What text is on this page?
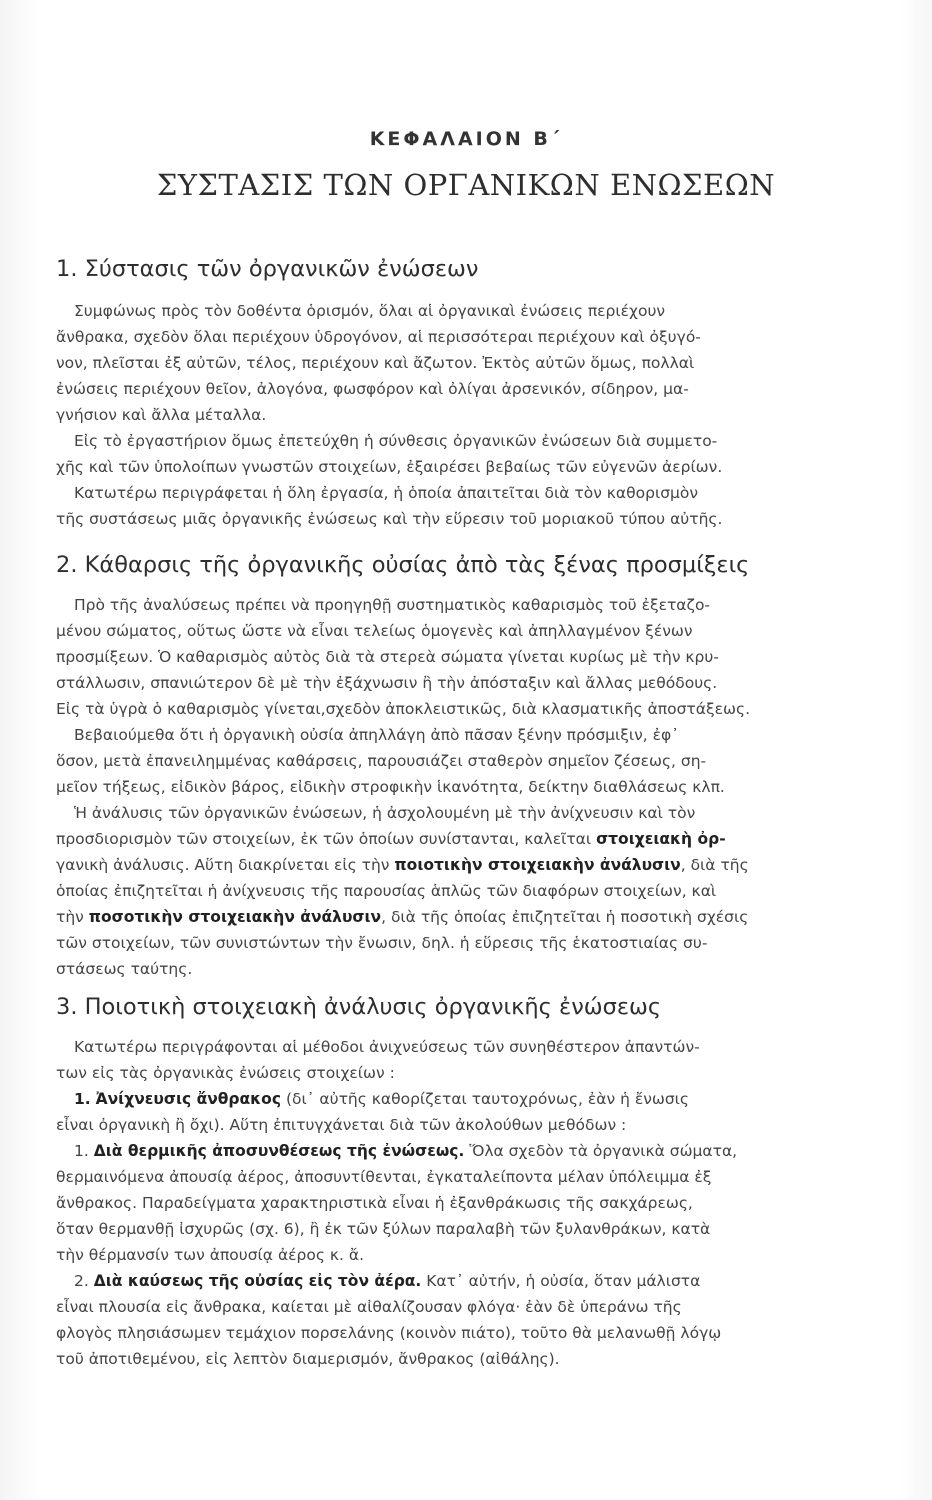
ΚΕΦΑΛΑΙΟΝ Β΄
ΣΥΣΤΑΣΙΣ ΤΩΝ ΟΡΓΑΝΙΚΩΝ ΕΝΩΣΕΩΝ
1. Σύστασις τῶν ὀργανικῶν ἐνώσεων
Συμφώνως πρὸς τὸν δοθέντα ὁρισμόν, ὅλαι αἱ ὀργανικαὶ ἐνώσεις περιέχουν
ἄνθρακα, σχεδὸν ὅλαι περιέχουν ὑδρογόνον, αἱ περισσότεραι περιέχουν καὶ ὀξυγό-
νον, πλεῖσται ἐξ αὐτῶν, τέλος, περιέχουν καὶ ἄζωτον. Ἐκτὸς αὐτῶν ὅμως, πολλαὶ
ἐνώσεις περιέχουν θεῖον, ἀλογόνα, φωσφόρον καὶ ὀλίγαι ἀρσενικόν, σίδηρον, μα-
γνήσιον καὶ ἄλλα μέταλλα.
Εἰς τὸ ἐργαστήριον ὅμως ἐπετεύχθη ἡ σύνθεσις ὀργανικῶν ἐνώσεων διὰ συμμετο-
χῆς καὶ τῶν ὑπολοίπων γνωστῶν στοιχείων, ἐξαιρέσει βεβαίως τῶν εὐγενῶν ἀερίων.
Κατωτέρω περιγράφεται ἡ ὅλη ἐργασία, ἡ ὁποία ἀπαιτεῖται διὰ τὸν καθορισμὸν
τῆς συστάσεως μιᾶς ὀργανικῆς ἐνώσεως καὶ τὴν εὕρεσιν τοῦ μοριακοῦ τύπου αὐτῆς.
2. Κάθαρσις τῆς ὀργανικῆς οὐσίας ἀπὸ τὰς ξένας προσμίξεις
Πρὸ τῆς ἀναλύσεως πρέπει νὰ προηγηθῇ συστηματικὸς καθαρισμὸς τοῦ ἐξεταζο-
μένου σώματος, οὕτως ὥστε νὰ εἶναι τελείως ὁμογενὲς καὶ ἀπηλλαγμένον ξένων
προσμίξεων. Ὁ καθαρισμὸς αὐτὸς διὰ τὰ στερεὰ σώματα γίνεται κυρίως μὲ τὴν κρυ-
στάλλωσιν, σπανιώτερον δὲ μὲ τὴν ἐξάχνωσιν ἢ τὴν ἀπόσταξιν καὶ ἄλλας μεθόδους.
Εἰς τὰ ὑγρὰ ὁ καθαρισμὸς γίνεται,σχεδὸν ἀποκλειστικῶς, διὰ κλασματικῆς ἀποστάξεως.
Βεβαιούμεθα ὅτι ἡ ὀργανικὴ οὐσία ἀπηλλάγη ἀπὸ πᾶσαν ξένην πρόσμιξιν, ἐφ᾿
ὅσον, μετὰ ἐπανειλημμένας καθάρσεις, παρουσιάζει σταθερὸν σημεῖον ζέσεως, ση-
μεῖον τήξεως, εἰδικὸν βάρος, εἰδικὴν στροφικὴν ἱκανότητα, δείκτην διαθλάσεως κλπ.
Ἡ ἀνάλυσις τῶν ὀργανικῶν ἐνώσεων, ἡ ἀσχολουμένη μὲ τὴν ἀνίχνευσιν καὶ τὸν
προσδιορισμὸν τῶν στοιχείων, ἐκ τῶν ὁποίων συνίστανται, καλεῖται στοιχειακὴ ὀρ-
γανικὴ ἀνάλυσις. Αὕτη διακρίνεται εἰς τὴν ποιοτικὴν στοιχειακὴν ἀνάλυσιν, διὰ τῆς
ὁποίας ἐπιζητεῖται ἡ ἀνίχνευσις τῆς παρουσίας ἁπλῶς τῶν διαφόρων στοιχείων, καὶ
τὴν ποσοτικὴν στοιχειακὴν ἀνάλυσιν, διὰ τῆς ὁποίας ἐπιζητεῖται ἡ ποσοτικὴ σχέσις
τῶν στοιχείων, τῶν συνιστώντων τὴν ἔνωσιν, δηλ. ἡ εὕρεσις τῆς ἑκατοστιαίας συ-
στάσεως ταύτης.
3. Ποιοτικὴ στοιχειακὴ ἀνάλυσις ὀργανικῆς ἐνώσεως
Κατωτέρω περιγράφονται αἱ μέθοδοι ἀνιχνεύσεως τῶν συνηθέστερον ἀπαντών-
των εἰς τὰς ὀργανικὰς ἐνώσεις στοιχείων :
1. Ἀνίχνευσις ἄνθρακος (δι᾿ αὐτῆς καθορίζεται ταυτοχρόνως, ἐὰν ἡ ἔνωσις
εἶναι ὀργανικὴ ἢ ὄχι). Αὕτη ἐπιτυγχάνεται διὰ τῶν ἀκολούθων μεθόδων :
1. Διὰ θερμικῆς ἀποσυνθέσεως τῆς ἐνώσεως. Ὅλα σχεδὸν τὰ ὀργανικὰ σώματα,
θερμαινόμενα ἀπουσίᾳ ἀέρος, ἀποσυντίθενται, ἐγκαταλείποντα μέλαν ὑπόλειμμα ἐξ
ἄνθρακος. Παραδείγματα χαρακτηριστικὰ εἶναι ἡ ἐξανθράκωσις τῆς σακχάρεως,
ὅταν θερμανθῇ ἰσχυρῶς (σχ. 6), ἢ ἐκ τῶν ξύλων παραλαβὴ τῶν ξυλανθράκων, κατὰ
τὴν θέρμανσίν των ἀπουσίᾳ ἀέρος κ. ἄ.
2. Διὰ καύσεως τῆς οὐσίας εἰς τὸν ἀέρα. Κατ᾿ αὐτήν, ἡ οὐσία, ὅταν μάλιστα
εἶναι πλουσία εἰς ἄνθρακα, καίεται μὲ αἰθαλίζουσαν φλόγα· ἐὰν δὲ ὑπεράνω τῆς
φλογὸς πλησιάσωμεν τεμάχιον πορσελάνης (κοινὸν πιάτο), τοῦτο θὰ μελανωθῇ λόγῳ
τοῦ ἀποτιθεμένου, εἰς λεπτὸν διαμερισμόν, ἄνθρακος (αἰθάλης).
